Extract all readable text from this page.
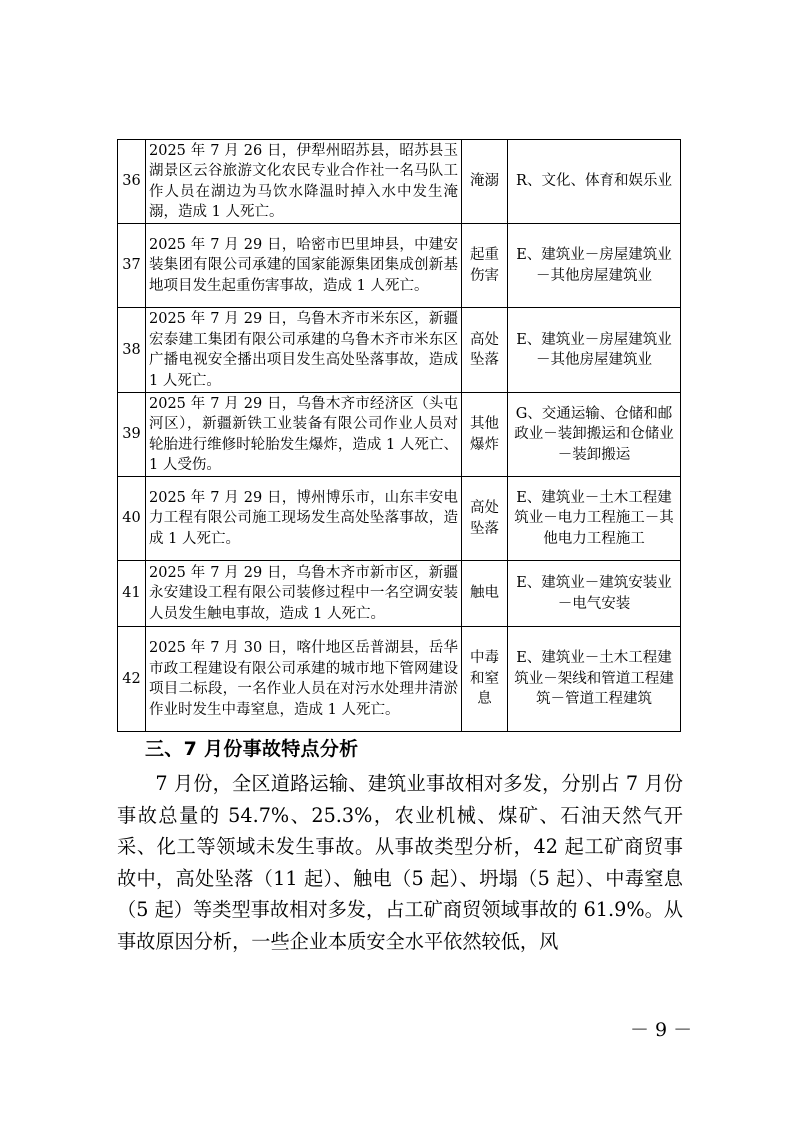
36	2025 年 7 月 26 日，伊犁州昭苏县，昭苏县玉湖景区云谷旅游文化农民专业合作社一名马队工作人员在湖边为马饮水降温时掉入水中发生淹溺，造成 1 人死亡。	淹溺	R、文化、体育和娱乐业
37	2025 年 7 月 29 日，哈密市巴里坤县，中建安装集团有限公司承建的国家能源集团集成创新基地项目发生起重伤害事故，造成 1 人死亡。	起重伤害	E、建筑业－房屋建筑业－其他房屋建筑业
38	2025 年 7 月 29 日，乌鲁木齐市米东区，新疆宏泰建工集团有限公司承建的乌鲁木齐市米东区广播电视安全播出项目发生高处坠落事故，造成 1 人死亡。	高处坠落	E、建筑业－房屋建筑业－其他房屋建筑业
39	2025 年 7 月 29 日，乌鲁木齐市经济区（头屯河区），新疆新铁工业装备有限公司作业人员对轮胎进行维修时轮胎发生爆炸，造成 1 人死亡、1 人受伤。	其他爆炸	G、交通运输、仓储和邮政业－装卸搬运和仓储业－装卸搬运
40	2025 年 7 月 29 日，博州博乐市，山东丰安电力工程有限公司施工现场发生高处坠落事故，造成 1 人死亡。	高处坠落	E、建筑业－土木工程建筑业－电力工程施工－其他电力工程施工
41	2025 年 7 月 29 日，乌鲁木齐市新市区，新疆永安建设工程有限公司装修过程中一名空调安装人员发生触电事故，造成 1 人死亡。	触电	E、建筑业－建筑安装业－电气安装
42	2025 年 7 月 30 日，喀什地区岳普湖县，岳华市政工程建设有限公司承建的城市地下管网建设项目二标段，一名作业人员在对污水处理井清淤作业时发生中毒窒息，造成 1 人死亡。	中毒和窒息	E、建筑业－土木工程建筑业－架线和管道工程建筑－管道工程建筑
三、7 月份事故特点分析

7 月份，全区道路运输、建筑业事故相对多发，分别占 7 月份事故总量的 54.7%、25.3%，农业机械、煤矿、石油天然气开采、化工等领域未发生事故。从事故类型分析，42 起工矿商贸事故中，高处坠落（11 起）、触电（5 起）、坍塌（5 起）、中毒窒息（5 起）等类型事故相对多发，占工矿商贸领域事故的 61.9%。从事故原因分析，一些企业本质安全水平依然较低，风

－ 9 －
